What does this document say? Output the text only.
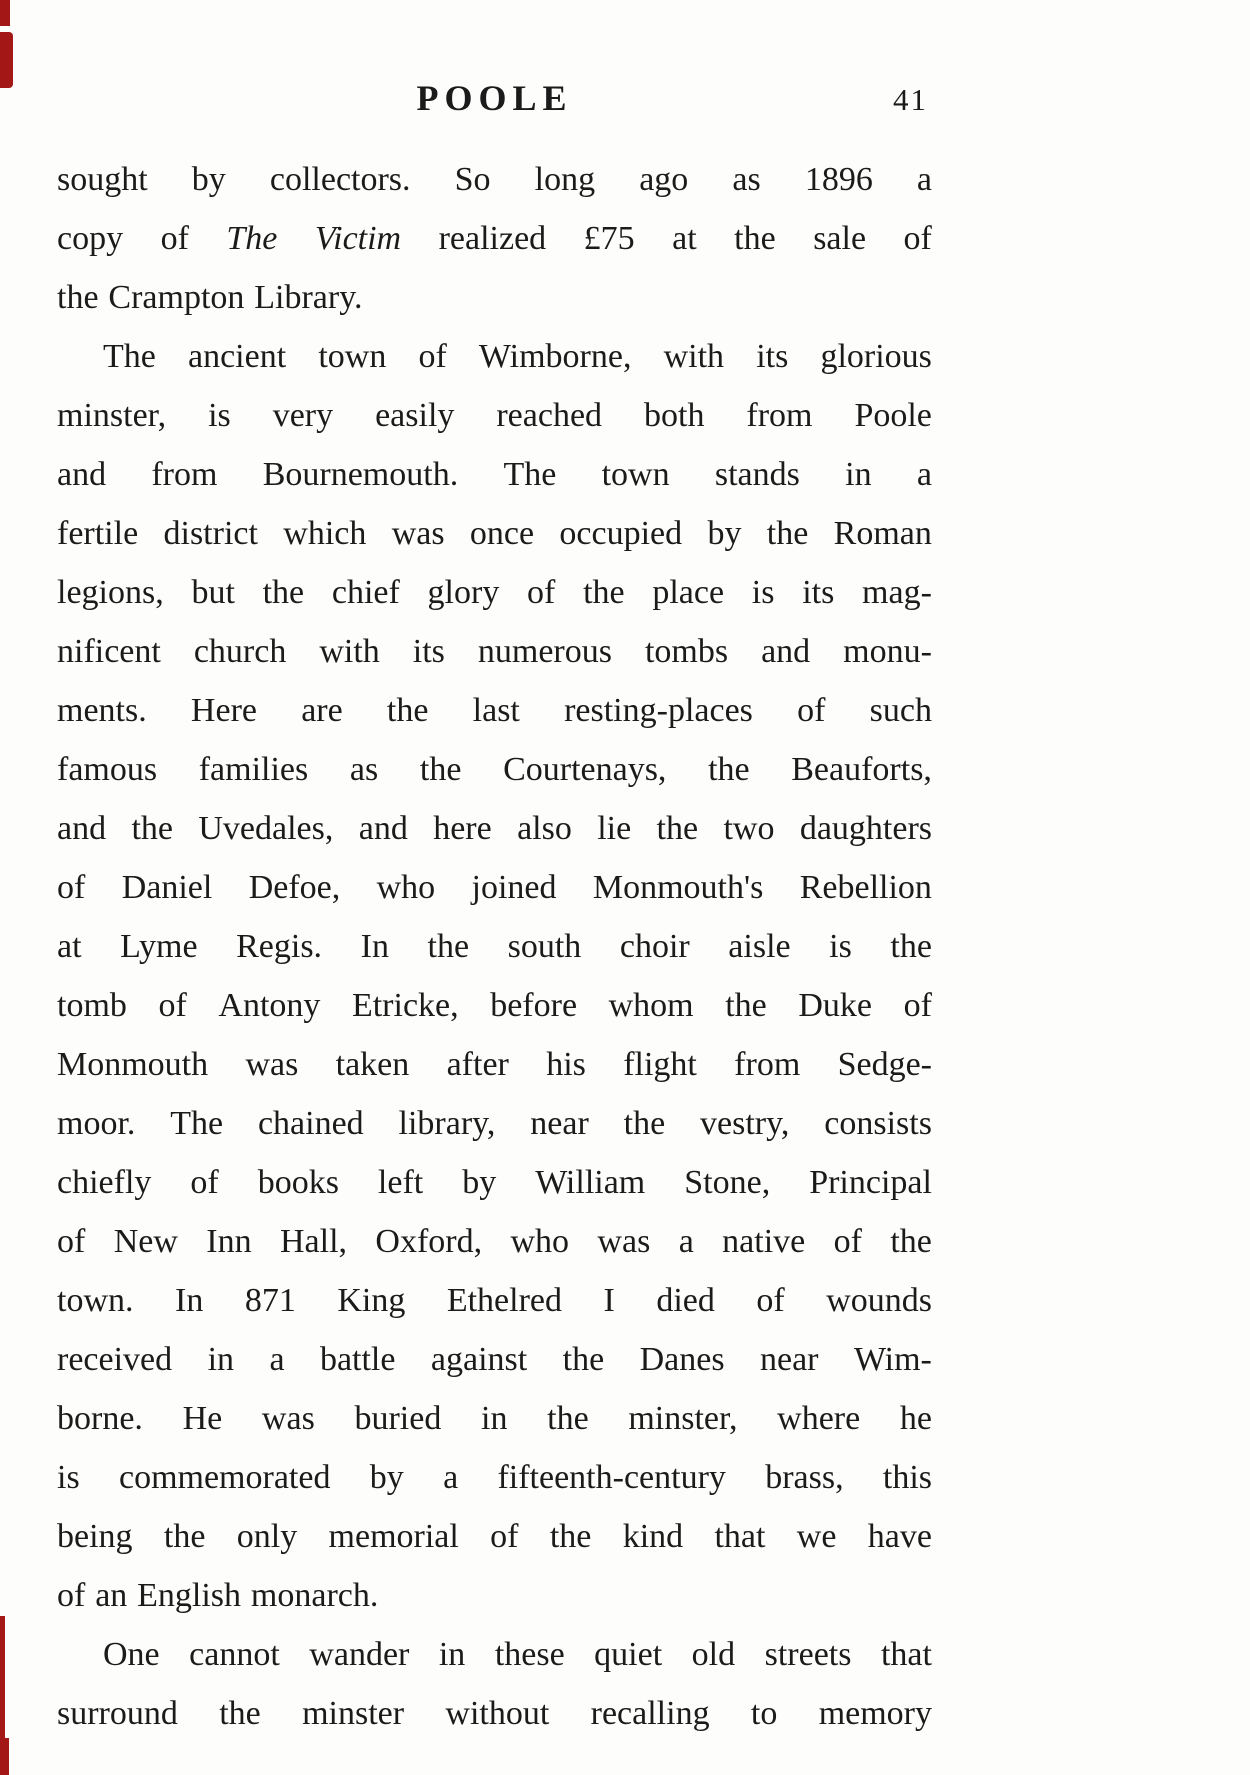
POOLE	41
sought by collectors. So long ago as 1896 a
copy of The Victim realized £75 at the sale of
the Crampton Library.
The ancient town of Wimborne, with its glorious
minster, is very easily reached both from Poole
and from Bournemouth. The town stands in a
fertile district which was once occupied by the Roman
legions, but the chief glory of the place is its mag-
nificent church with its numerous tombs and monu-
ments. Here are the last resting-places of such
famous families as the Courtenays, the Beauforts,
and the Uvedales, and here also lie the two daughters
of Daniel Defoe, who joined Monmouth's Rebellion
at Lyme Regis. In the south choir aisle is the
tomb of Antony Etricke, before whom the Duke of
Monmouth was taken after his flight from Sedge-
moor. The chained library, near the vestry, consists
chiefly of books left by William Stone, Principal
of New Inn Hall, Oxford, who was a native of the
town. In 871 King Ethelred I died of wounds
received in a battle against the Danes near Wim-
borne. He was buried in the minster, where he
is commemorated by a fifteenth-century brass, this
being the only memorial of the kind that we have
of an English monarch.
One cannot wander in these quiet old streets that
surround the minster without recalling to memory
